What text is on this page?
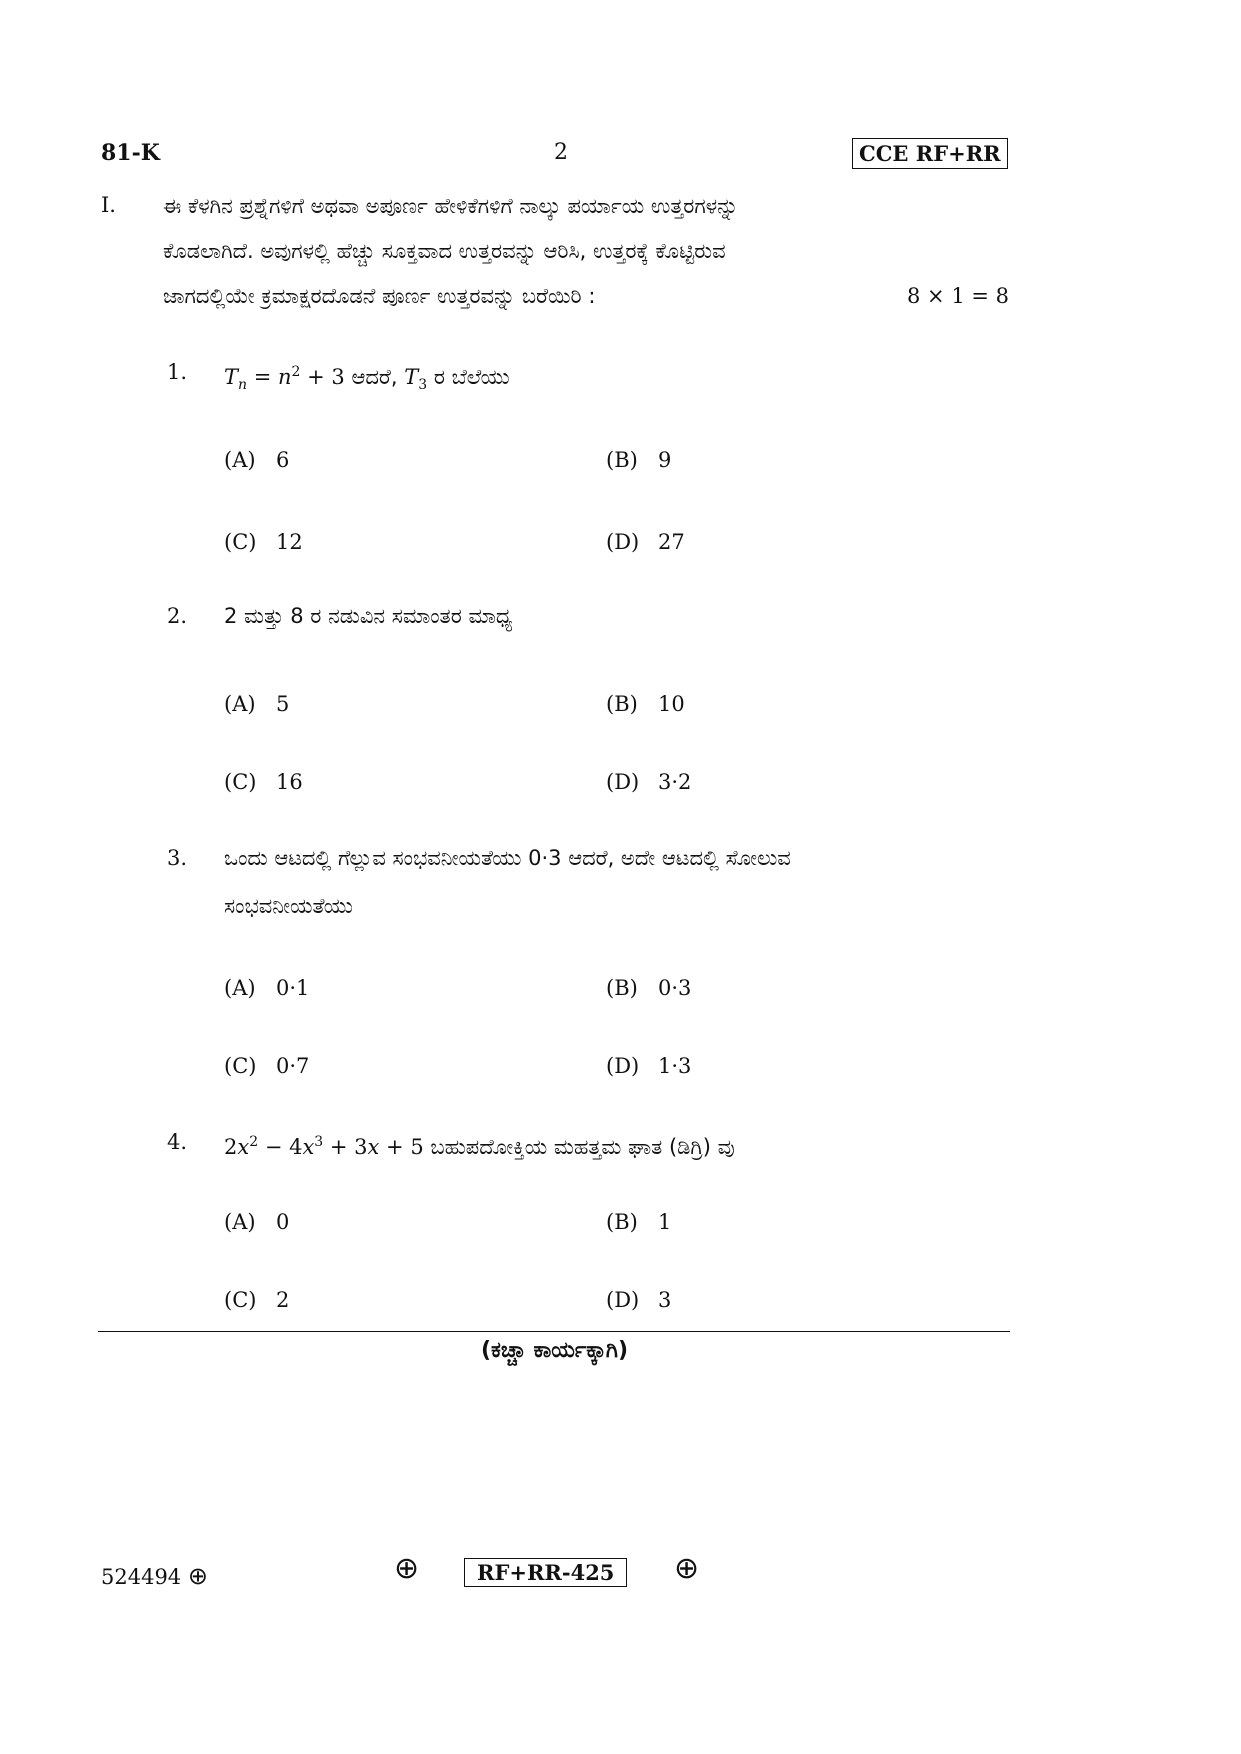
81-K	2	CCE RF+RR
I. ಈ ಕೆಳಗಿನ ಪ್ರಶ್ನೆಗಳಿಗೆ ಅಥವಾ ಅಪೂರ್ಣ ಹೇಳಿಕೆಗಳಿಗೆ ನಾಲ್ಕು ಪರ್ಯಾಯ ಉತ್ತರಗಳನ್ನು
ಕೊಡಲಾಗಿದೆ. ಅವುಗಳಲ್ಲಿ ಹೆಚ್ಚು ಸೂಕ್ತವಾದ ಉತ್ತರವನ್ನು ಆರಿಸಿ, ಉತ್ತರಕ್ಕೆ ಕೊಟ್ಟಿರುವ
ಜಾಗದಲ್ಲಿಯೇ ಕ್ರಮಾಕ್ಷರದೊಡನೆ ಪೂರ್ಣ ಉತ್ತರವನ್ನು ಬರೆಯಿರಿ :	8 × 1 = 8
1. $T_n = n^2 + 3$ ಆದರೆ, $T_3$ ರ ಬೆಲೆಯು
(A) 6	(B) 9
(C) 12	(D) 27
2. 2 ಮತ್ತು 8 ರ ನಡುವಿನ ಸಮಾಂತರ ಮಾಧ್ಯ
(A) 5	(B) 10
(C) 16	(D) 3·2
3. ಒಂದು ಆಟದಲ್ಲಿ ಗೆಲ್ಲುವ ಸಂಭವನೀಯತೆಯು 0·3 ಆದರೆ, ಅದೇ ಆಟದಲ್ಲಿ ಸೋಲುವ
ಸಂಭವನೀಯತೆಯು
(A) 0·1	(B) 0·3
(C) 0·7	(D) 1·3
4. $2x^2 - 4x^3 + 3x + 5$ ಬಹುಪದೋಕ್ತಿಯ ಮಹತ್ತಮ ಘಾತ (ಡಿಗ್ರಿ) ವು
(A) 0	(B) 1
(C) 2	(D) 3
(ಕಚ್ಚಾ ಕಾರ್ಯಕ್ಕಾಗಿ)
524494 ⊕	⊕	RF+RR-425	⊕
